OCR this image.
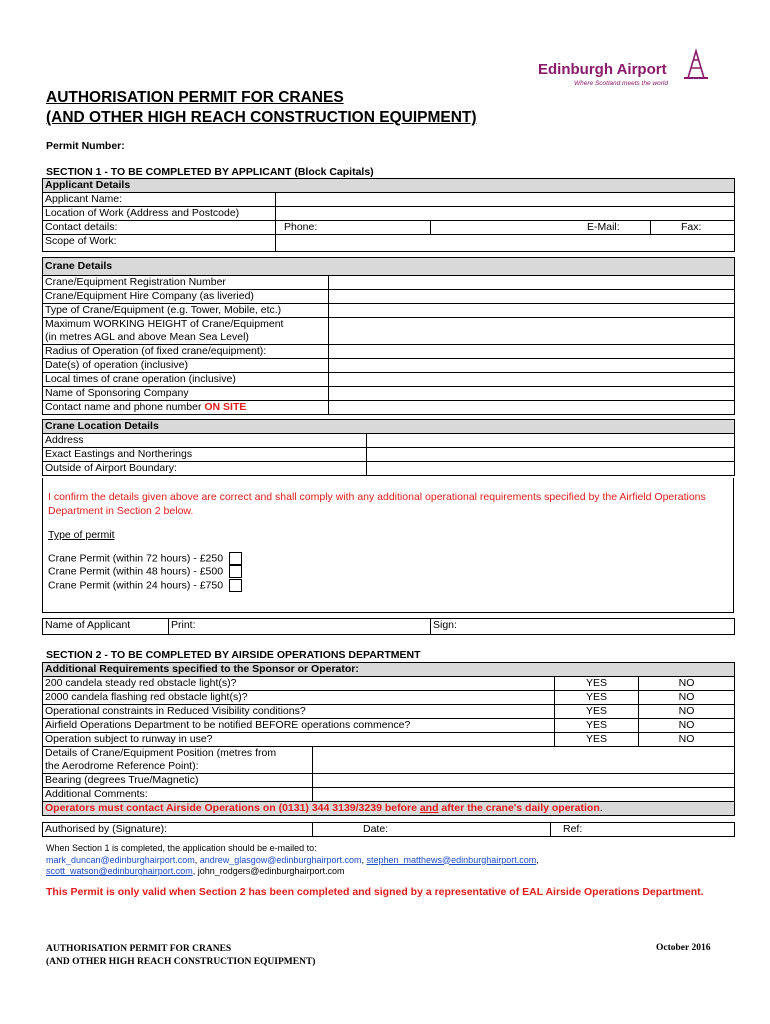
Edinburgh Airport
Where Scotland meets the world
AUTHORISATION PERMIT FOR CRANES
(AND OTHER HIGH REACH CONSTRUCTION EQUIPMENT)
Permit Number:
SECTION 1 - TO BE COMPLETED BY APPLICANT (Block Capitals)
Applicant Details			
Applicant Name:			
Location of Work (Address and Postcode)			
Contact details:	Phone:	E-Mail:	Fax:
Scope of Work:			
Crane Details	
Crane/Equipment Registration Number	
Crane/Equipment Hire Company (as liveried)	
Type of Crane/Equipment (e.g. Tower, Mobile, etc.)	

Maximum WORKING HEIGHT of Crane/Equipment
(in metres AGL and above Mean Sea Level)	

Radius of Operation (of fixed crane/equipment):	
Date(s) of operation (inclusive)	
Local times of crane operation (inclusive)	
Name of Sponsoring Company	
Contact name and phone number ON SITE	
Crane Location Details	
Address	
Exact Eastings and Northerings	
Outside of Airport Boundary:	
I confirm the details given above are correct and shall comply with any additional operational requirements specified by the Airfield Operations Department in Section 2 below.
Type of permit
Crane Permit (within 72 hours) - £250
Crane Permit (within 48 hours) - £500
Crane Permit (within 24 hours) - £750
Name of Applicant	Print:	Sign:
SECTION 2 - TO BE COMPLETED BY AIRSIDE OPERATIONS DEPARTMENT
Additional Requirements specified to the Sponsor or Operator:			
200 candela steady red obstacle light(s)?		YES	NO
2000 candela flashing red obstacle light(s)?		YES	NO
Operational constraints in Reduced Visibility conditions?		YES	NO
Airfield Operations Department to be notified BEFORE operations commence?		YES	NO
Operation subject to runway in use?		YES	NO

Details of Crane/Equipment Position (metres from
the Aerodrome Reference Point):			

Bearing (degrees True/Magnetic)			
Additional Comments:			
Operators must contact Airside Operations on (0131) 344 3139/3239 before and after the crane's daily operation.			
Authorised by (Signature):	Date:	Ref:
When Section 1 is completed, the application should be e-mailed to:
mark_duncan@edinburghairport.com, andrew_glasgow@edinburghairport.com, stephen_matthews@edinburghairport.com,
scott_watson@edinburghairport.com, john_rodgers@edinburghairport.com
This Permit is only valid when Section 2 has been completed and signed by a representative of EAL Airside Operations Department.
AUTHORISATION PERMIT FOR CRANES
(AND OTHER HIGH REACH CONSTRUCTION EQUIPMENT)
October 2016
